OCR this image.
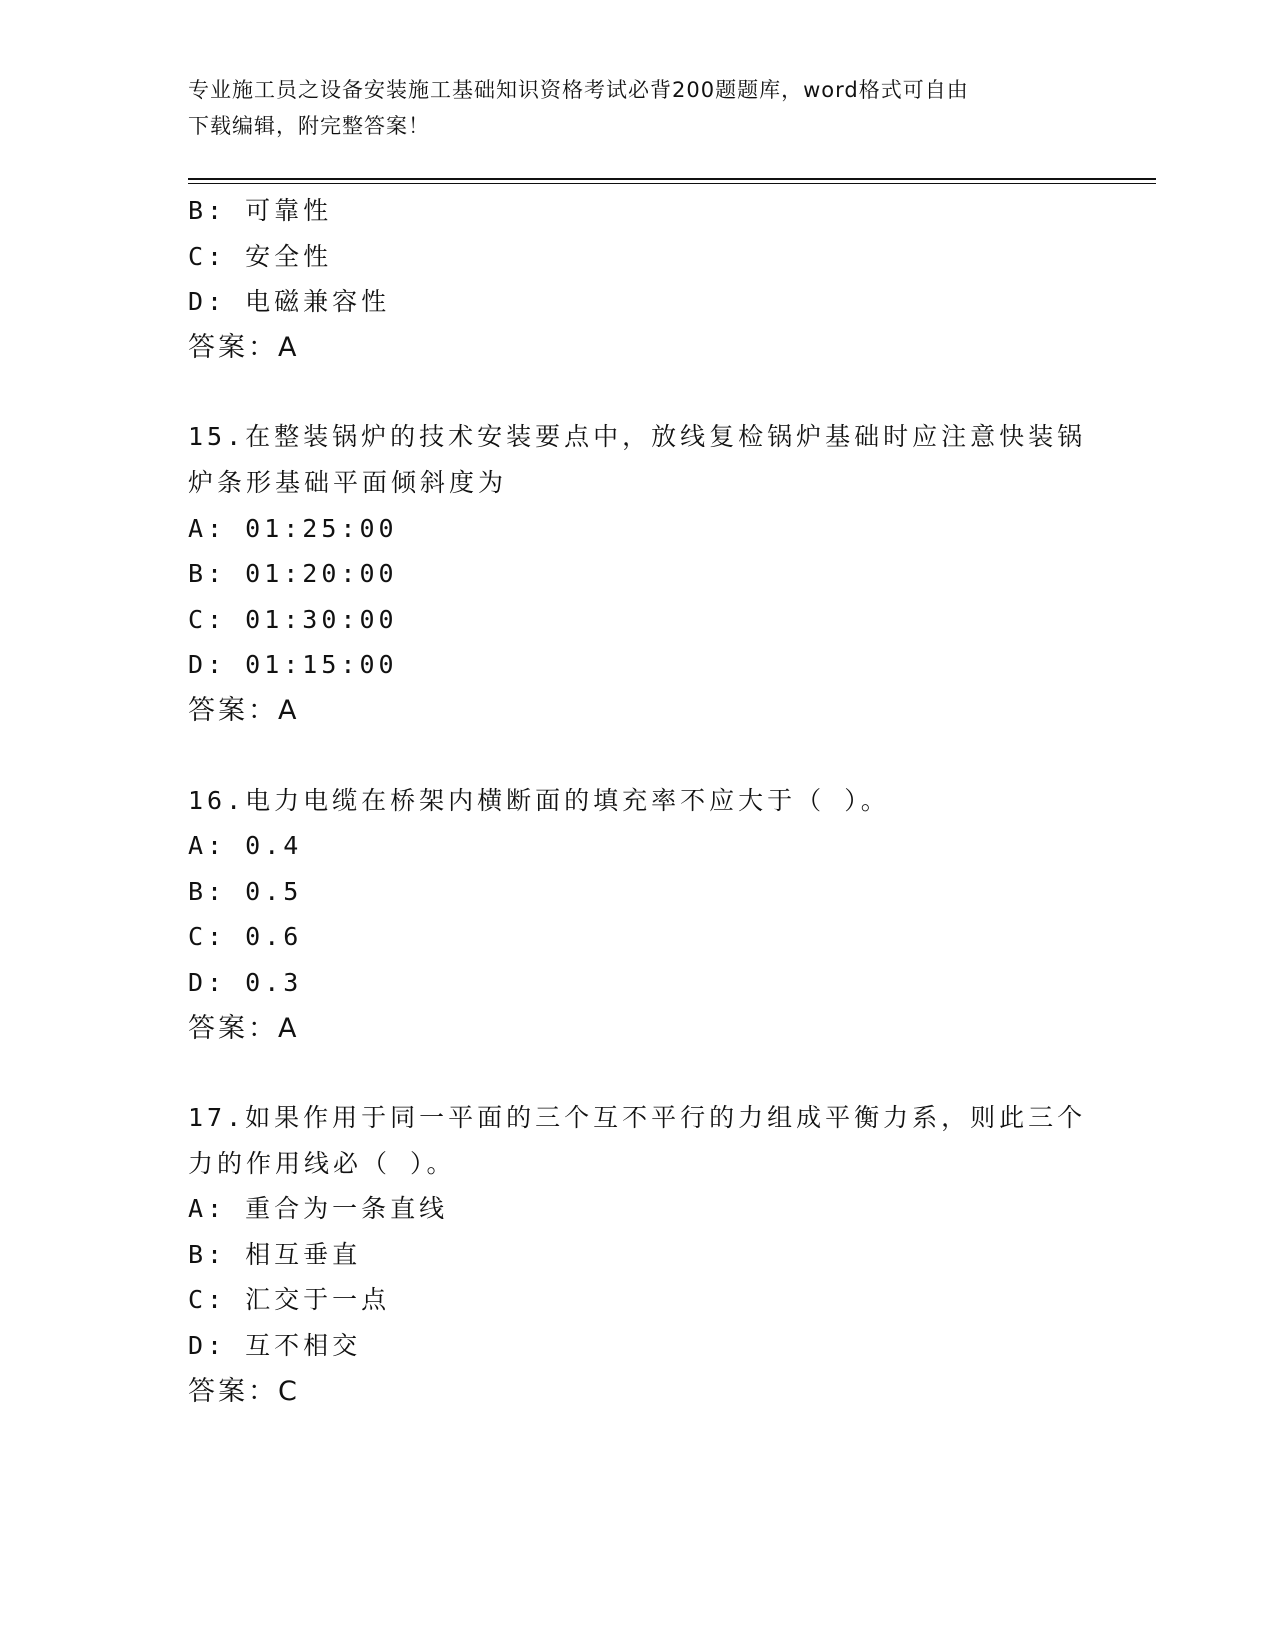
专业施工员之设备安装施工基础知识资格考试必背200题题库，word格式可自由
下载编辑，附完整答案！
B: 可靠性
C: 安全性
D: 电磁兼容性
答案：A
15.在整装锅炉的技术安装要点中，放线复检锅炉基础时应注意快装锅
炉条形基础平面倾斜度为
A: 01:25:00
B: 01:20:00
C: 01:30:00
D: 01:15:00
答案：A
16.电力电缆在桥架内横断面的填充率不应大于（ ）。
A: 0.4
B: 0.5
C: 0.6
D: 0.3
答案：A
17.如果作用于同一平面的三个互不平行的力组成平衡力系，则此三个
力的作用线必（ ）。
A: 重合为一条直线
B: 相互垂直
C: 汇交于一点
D: 互不相交
答案：C
